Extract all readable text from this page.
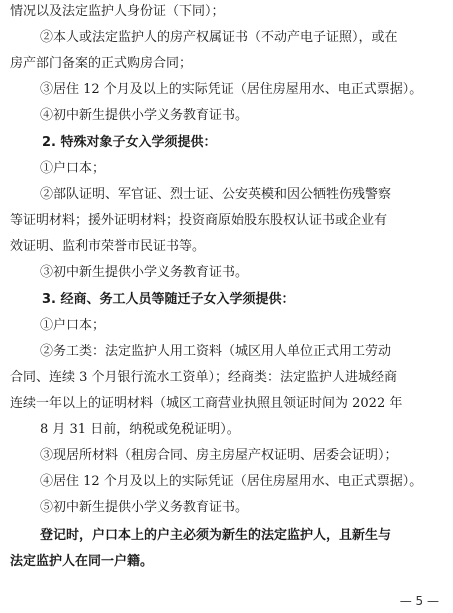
情况以及法定监护人身份证（下同）；
②本人或法定监护人的房产权属证书（不动产电子证照），或在
房产部门备案的正式购房合同；
③居住 12 个月及以上的实际凭证（居住房屋用水、电正式票据）。
④初中新生提供小学义务教育证书。
2. 特殊对象子女入学须提供：
①户口本；
②部队证明、军官证、烈士证、公安英模和因公牺牲伤残警察
等证明材料；援外证明材料；投资商原始股东股权认证书或企业有
效证明、监利市荣誉市民证书等。
③初中新生提供小学义务教育证书。
3. 经商、务工人员等随迁子女入学须提供：
①户口本；
②务工类：法定监护人用工资料（城区用人单位正式用工劳动
合同、连续 3 个月银行流水工资单）；经商类：法定监护人进城经商
连续一年以上的证明材料（城区工商营业执照且领证时间为 2022 年
8 月 31 日前，纳税或免税证明）。
③现居所材料（租房合同、房主房屋产权证明、居委会证明）；
④居住 12 个月及以上的实际凭证（居住房屋用水、电正式票据）。
⑤初中新生提供小学义务教育证书。
登记时，户口本上的户主必须为新生的法定监护人，且新生与
法定监护人在同一户籍。
— 5 —
